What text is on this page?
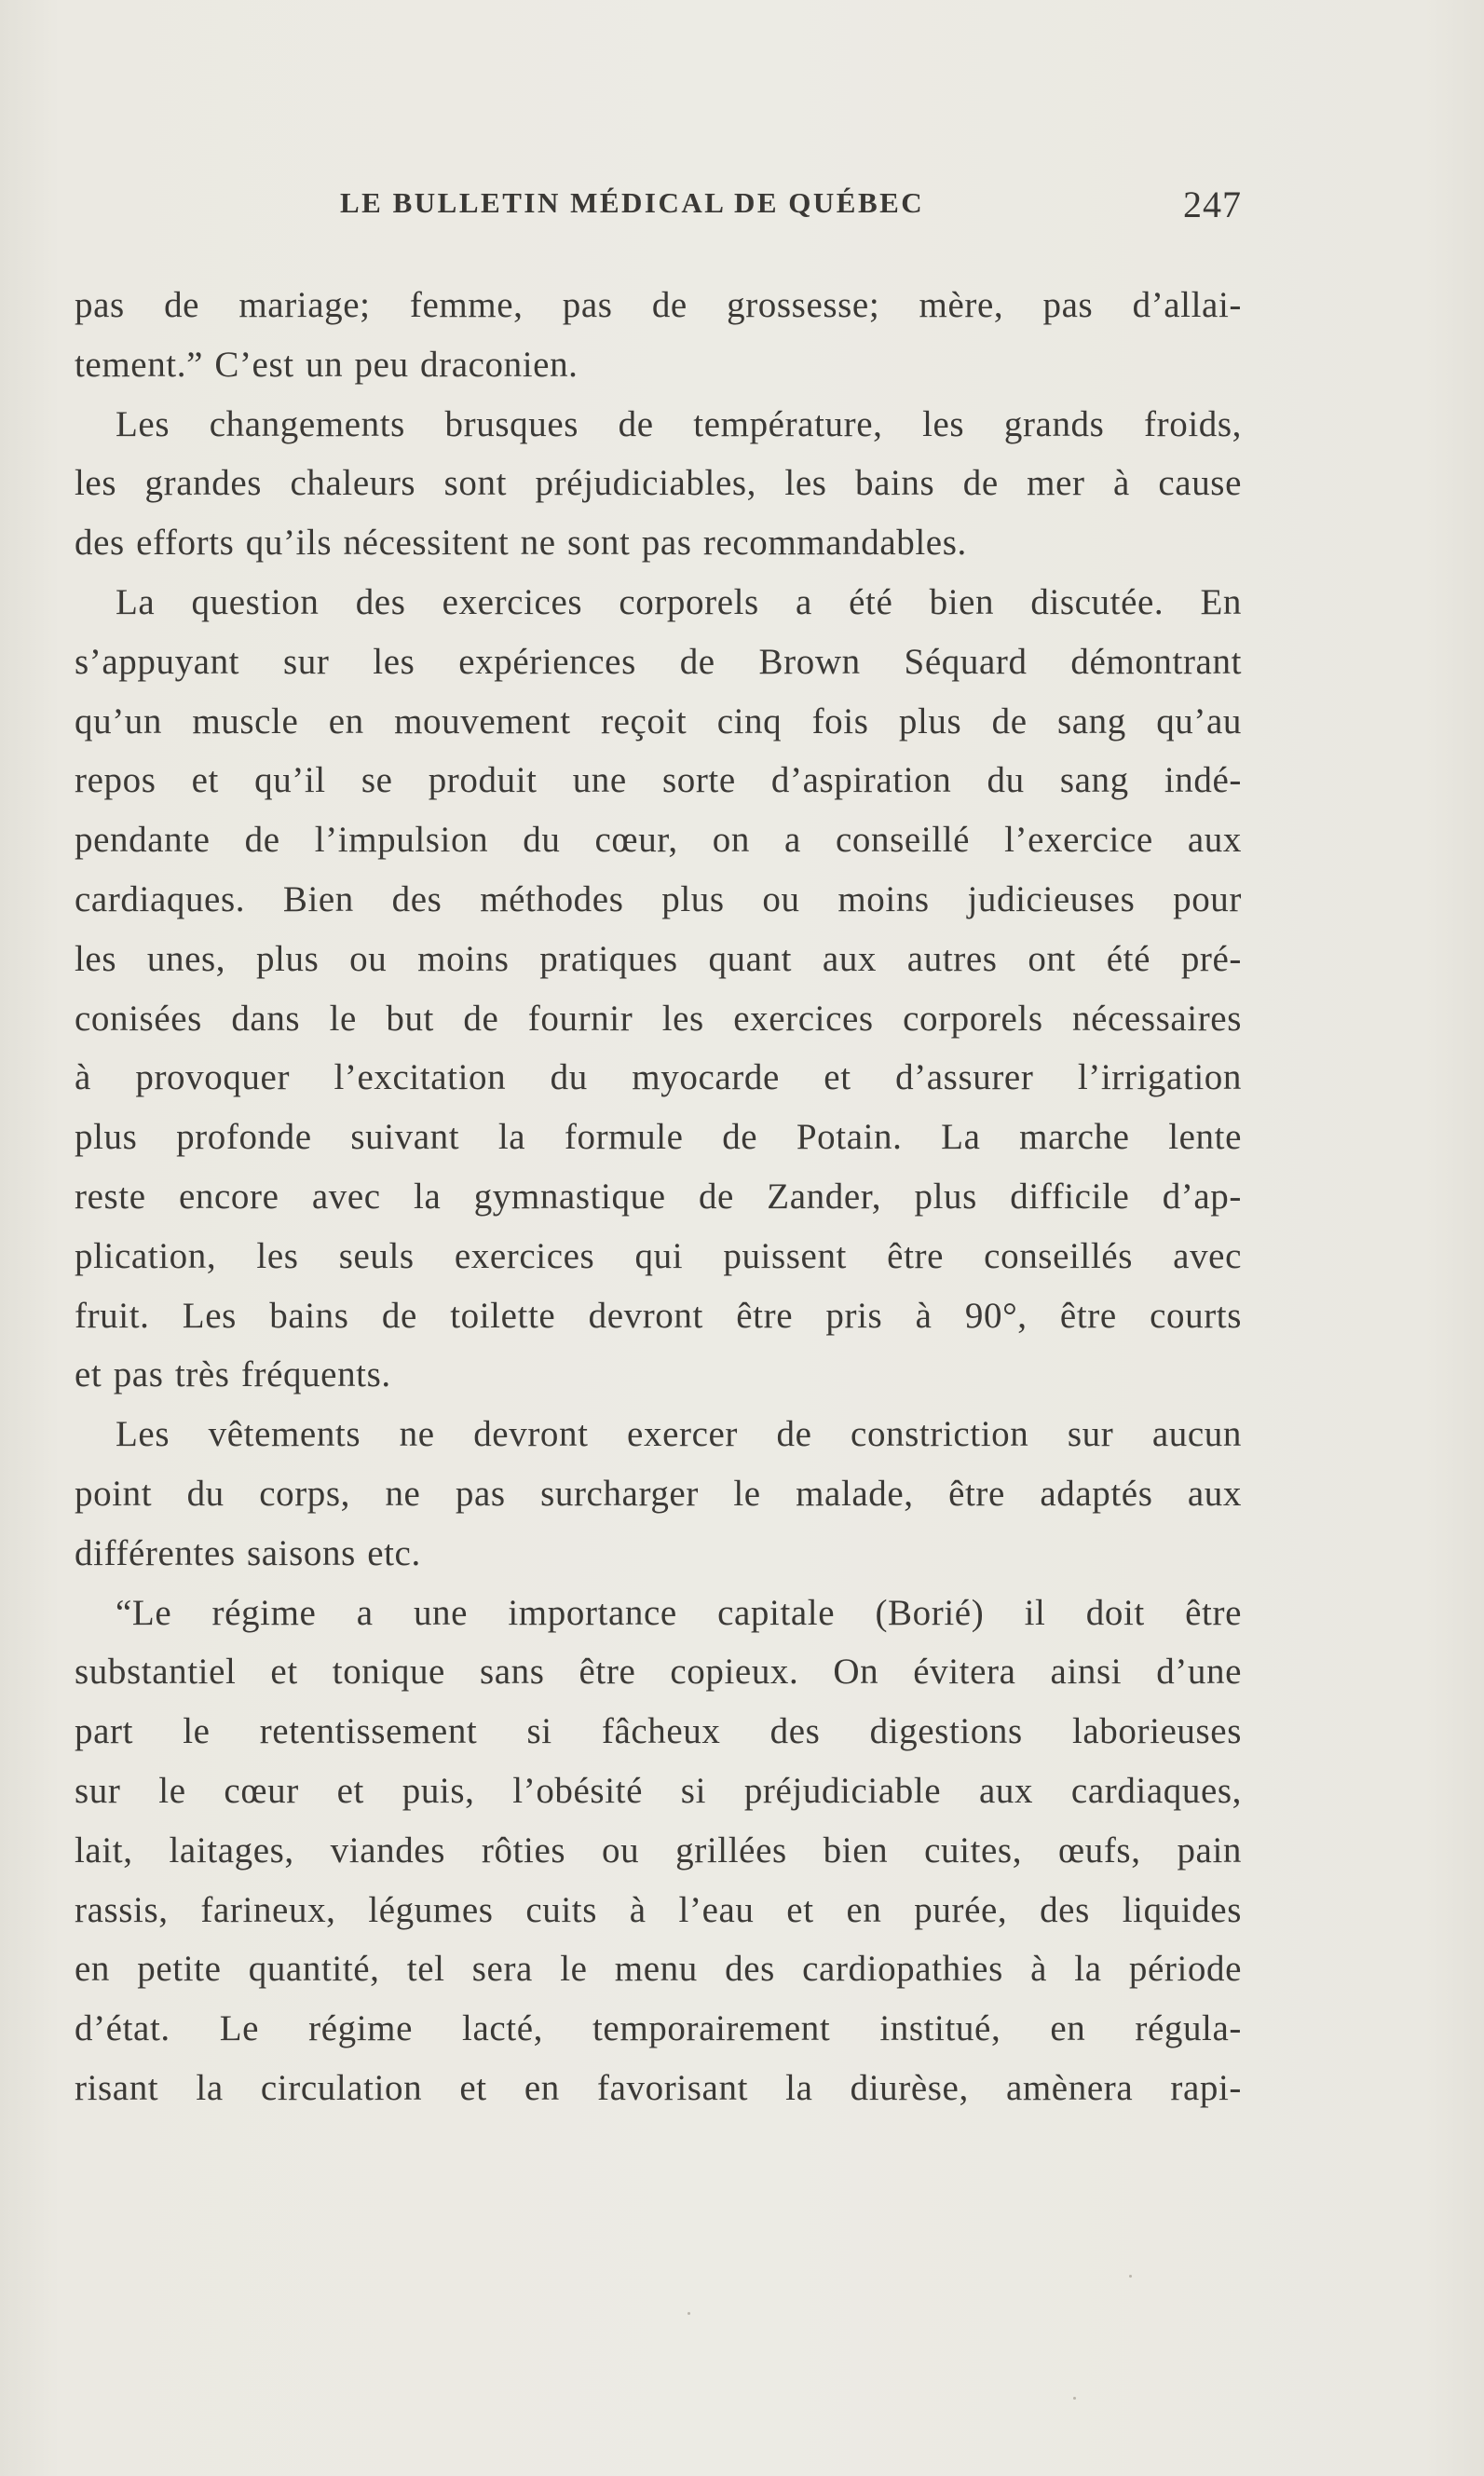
LE BULLETIN MÉDICAL DE QUÉBEC	247
pas de mariage; femme, pas de grossesse; mère, pas d’allai-
tement.” C’est un peu draconien.
Les changements brusques de température, les grands froids,
les grandes chaleurs sont préjudiciables, les bains de mer à cause
des efforts qu’ils nécessitent ne sont pas recommandables.
La question des exercices corporels a été bien discutée. En
s’appuyant sur les expériences de Brown Séquard démontrant
qu’un muscle en mouvement reçoit cinq fois plus de sang qu’au
repos et qu’il se produit une sorte d’aspiration du sang indé-
pendante de l’impulsion du cœur, on a conseillé l’exercice aux
cardiaques. Bien des méthodes plus ou moins judicieuses pour
les unes, plus ou moins pratiques quant aux autres ont été pré-
conisées dans le but de fournir les exercices corporels nécessaires
à provoquer l’excitation du myocarde et d’assurer l’irrigation
plus profonde suivant la formule de Potain. La marche lente
reste encore avec la gymnastique de Zander, plus difficile d’ap-
plication, les seuls exercices qui puissent être conseillés avec
fruit. Les bains de toilette devront être pris à 90°, être courts
et pas très fréquents.
Les vêtements ne devront exercer de constriction sur aucun
point du corps, ne pas surcharger le malade, être adaptés aux
différentes saisons etc.
“Le régime a une importance capitale (Borié) il doit être
substantiel et tonique sans être copieux. On évitera ainsi d’une
part le retentissement si fâcheux des digestions laborieuses
sur le cœur et puis, l’obésité si préjudiciable aux cardiaques,
lait, laitages, viandes rôties ou grillées bien cuites, œufs, pain
rassis, farineux, légumes cuits à l’eau et en purée, des liquides
en petite quantité, tel sera le menu des cardiopathies à la période
d’état. Le régime lacté, temporairement institué, en régula-
risant la circulation et en favorisant la diurèse, amènera rapi-
